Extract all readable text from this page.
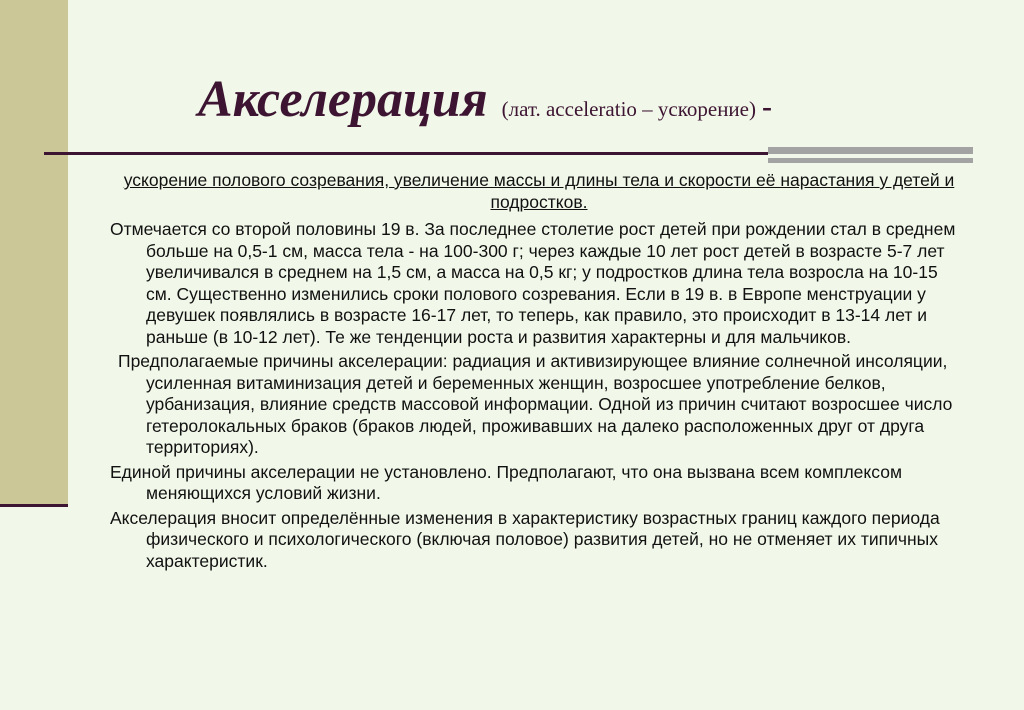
Акселерация (лат. acceleratio – ускорение) -

ускорение полового созревания, увеличение массы и длины тела и скорости её нарастания у детей и подростков.

Отмечается со второй половины 19 в. За последнее столетие рост детей при рождении стал в среднем больше на 0,5-1 см, масса тела - на 100-300 г; через каждые 10 лет рост детей в возрасте 5-7 лет увеличивался в среднем на 1,5 см, а масса на 0,5 кг; у подростков длина тела возросла на 10-15 см. Существенно изменились сроки полового созревания. Если в 19 в. в Европе менструации у девушек появлялись в возрасте 16-17 лет, то теперь, как правило, это происходит в 13-14 лет и раньше (в 10-12 лет). Те же тенденции роста и развития характерны и для мальчиков.

Предполагаемые причины акселерации: радиация и активизирующее влияние солнечной инсоляции, усиленная витаминизация детей и беременных женщин, возросшее употребление белков, урбанизация, влияние средств массовой информации. Одной из причин считают возросшее число гетеролокальных браков (браков людей, проживавших на далеко расположенных друг от друга территориях).

Единой причины акселерации не установлено. Предполагают, что она вызвана всем комплексом меняющихся условий жизни.

Акселерация вносит определённые изменения в характеристику возрастных границ каждого периода физического и психологического (включая половое) развития детей, но не отменяет их типичных характеристик.
